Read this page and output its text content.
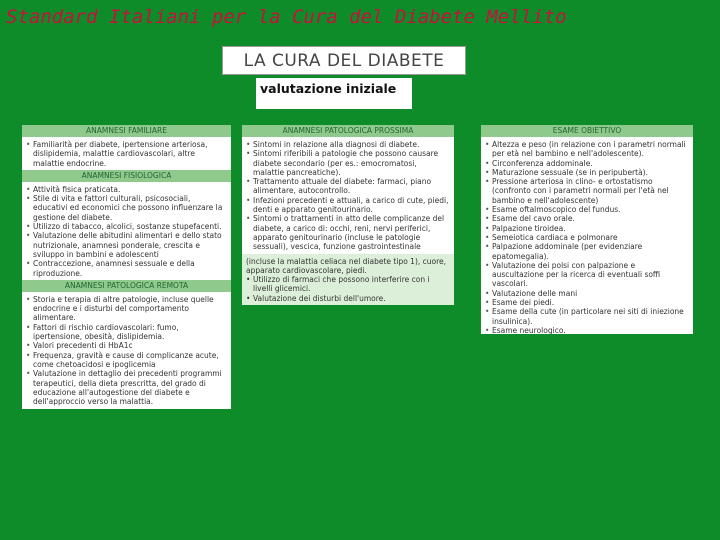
Standard Italiani per la Cura del Diabete Mellito
LA CURA DEL DIABETE
valutazione iniziale
ANAMNESI FAMILIARE
• Familiarità per diabete, ipertensione arteriosa, dislipidemia, malattie cardiovascolari, altre malattie endocrine.
ANAMNESI FISIOLOGICA
• Attività fisica praticata.
• Stile di vita e fattori culturali, psicosociali, educativi ed economici che possono influenzare la gestione del diabete.
• Utilizzo di tabacco, alcolici, sostanze stupefacenti.
• Valutazione delle abitudini alimentari e dello stato nutrizionale, anamnesi ponderale, crescita e sviluppo in bambini e adolescenti
• Contraccezione, anamnesi sessuale e della riproduzione.
ANAMNESI PATOLOGICA REMOTA
• Storia e terapia di altre patologie, incluse quelle endocrine e i disturbi del comportamento alimentare.
• Fattori di rischio cardiovascolari: fumo, ipertensione, obesità, dislipidemia.
• Valori precedenti di HbA1c
• Frequenza, gravità e cause di complicanze acute, come chetoacidosi e ipoglicemia
• Valutazione in dettaglio dei precedenti programmi terapeutici, della dieta prescritta, del grado di educazione all'autogestione del diabete e dell'approccio verso la malattia.
ANAMNESI PATOLOGICA PROSSIMA
• Sintomi in relazione alla diagnosi di diabete.
• Sintomi riferibili a patologie che possono causare diabete secondario (per es.: emocromatosi, malattie pancreatiche).
• Trattamento attuale del diabete: farmaci, piano alimentare, autocontrollo.
• Infezioni precedenti e attuali, a carico di cute, piedi, denti e apparato genitourinario.
• Sintomi o trattamenti in atto delle complicanze del diabete, a carico di: occhi, reni, nervi periferici, apparato genitourinario (incluse le patologie sessuali), vescica, funzione gastrointestinale
(incluse la malattia celiaca nel diabete tipo 1), cuore, apparato cardiovascolare, piedi.
• Utilizzo di farmaci che possono interferire con i livelli glicemici.
• Valutazione dei disturbi dell'umore.
ESAME OBIETTIVO
• Altezza e peso (in relazione con i parametri normali per età nel bambino e nell'adolescente).
• Circonferenza addominale.
• Maturazione sessuale (se in peripubertà).
• Pressione arteriosa in clino- e ortostatismo (confronto con i parametri normali per l'età nel bambino e nell'adolescente)
• Esame oftalmoscopico del fundus.
• Esame del cavo orale.
• Palpazione tiroidea.
• Semeiotica cardiaca e polmonare
• Palpazione addominale (per evidenziare epatomegalia).
• Valutazione dei polsi con palpazione e auscultazione per la ricerca di eventuali soffi vascolari.
• Valutazione delle mani
• Esame dei piedi.
• Esame della cute (in particolare nei siti di iniezione insulinica).
• Esame neurologico.
